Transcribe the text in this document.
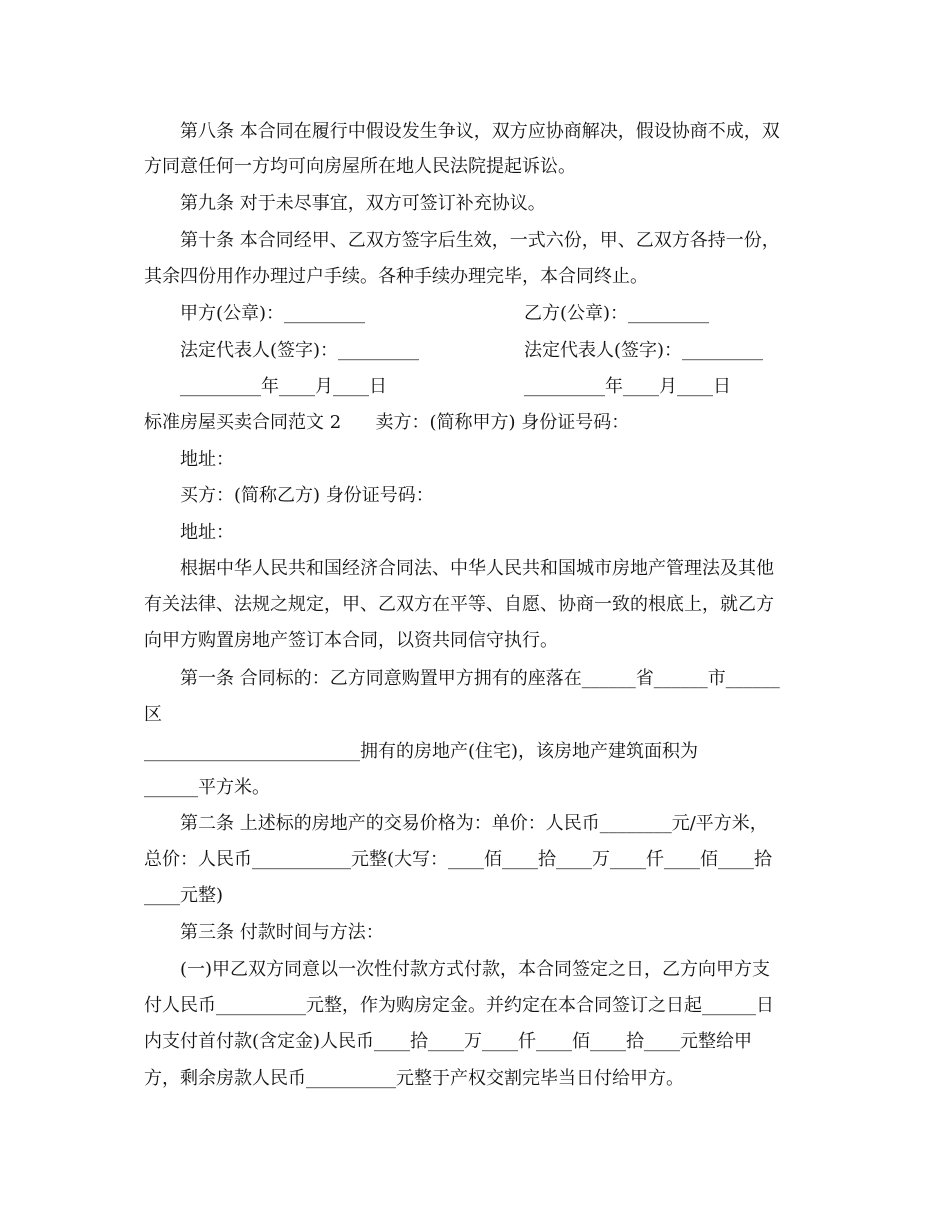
第八条 本合同在履行中假设发生争议，双方应协商解决，假设协商不成，双
方同意任何一方均可向房屋所在地人民法院提起诉讼。
第九条 对于未尽事宜，双方可签订补充协议。
第十条 本合同经甲、乙双方签字后生效，一式六份，甲、乙双方各持一份，
其余四份用作办理过户手续。各种手续办理完毕，本合同终止。
甲方(公章)：_________	乙方(公章)：_________
法定代表人(签字)：_________	法定代表人(签字)：_________
_________年____月____日	_________年____月____日
标准房屋买卖合同范文 2      卖方：(简称甲方) 身份证号码：
地址：
买方：(简称乙方) 身份证号码：
地址：
根据中华人民共和国经济合同法、中华人民共和国城市房地产管理法及其他
有关法律、法规之规定，甲、乙双方在平等、自愿、协商一致的根底上，就乙方
向甲方购置房地产签订本合同，以资共同信守执行。
第一条 合同标的：乙方同意购置甲方拥有的座落在______省______市______
区
________________________拥有的房地产(住宅)，该房地产建筑面积为
______平方米。
第二条 上述标的房地产的交易价格为：单价：人民币________元/平方米，
总价：人民币___________元整(大写：____佰____拾____万____仟____佰____拾
____元整)
第三条 付款时间与方法：
(一)甲乙双方同意以一次性付款方式付款，本合同签定之日，乙方向甲方支
付人民币__________元整，作为购房定金。并约定在本合同签订之日起______日
内支付首付款(含定金)人民币____拾____万____仟____佰____拾____元整给甲
方，剩余房款人民币__________元整于产权交割完毕当日付给甲方。
